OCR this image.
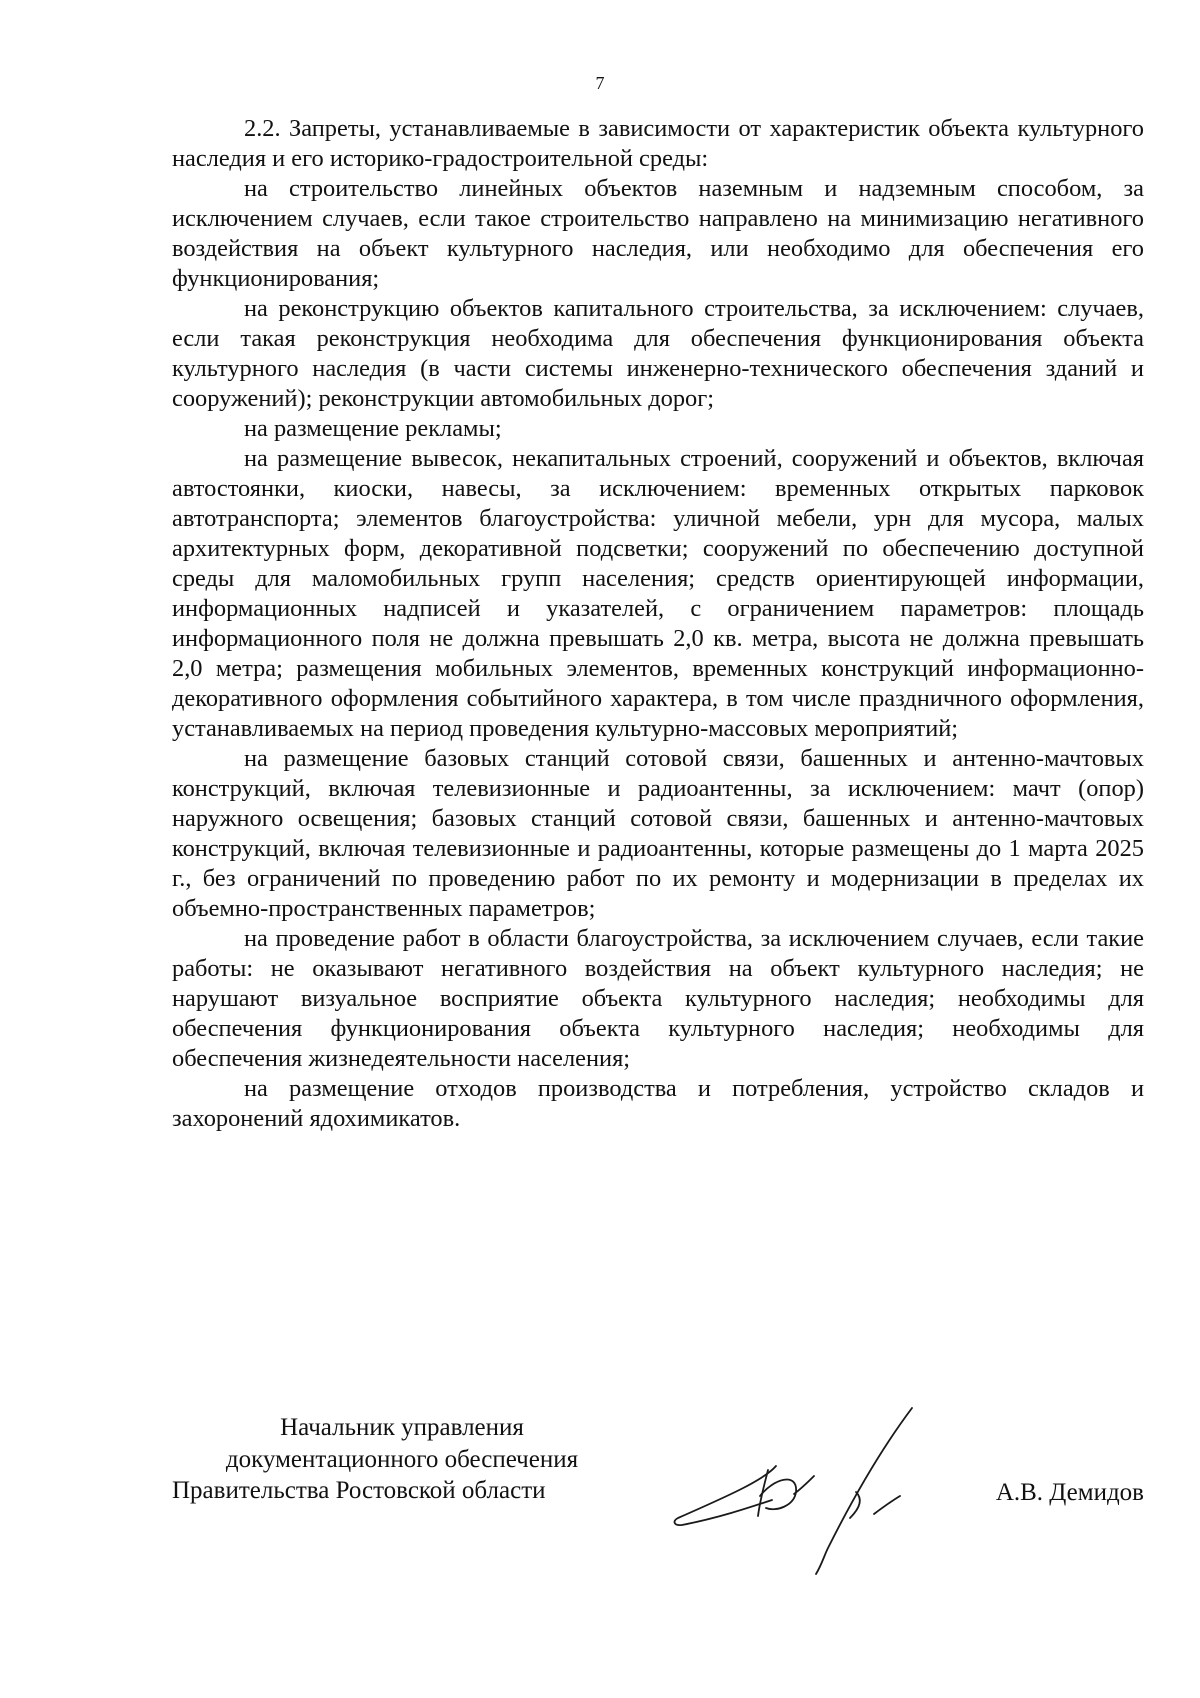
7

2.2. Запреты, устанавливаемые в зависимости от характеристик объекта культурного наследия и его историко-градостроительной среды:

на строительство линейных объектов наземным и надземным способом, за исключением случаев, если такое строительство направлено на минимизацию негативного воздействия на объект культурного наследия, или необходимо для обеспечения его функционирования;

на реконструкцию объектов капитального строительства, за исключением: случаев, если такая реконструкция необходима для обеспечения функционирования объекта культурного наследия (в части системы инженерно-технического обеспечения зданий и сооружений); реконструкции автомобильных дорог;

на размещение рекламы;

на размещение вывесок, некапитальных строений, сооружений и объектов, включая автостоянки, киоски, навесы, за исключением: временных открытых парковок автотранспорта; элементов благоустройства: уличной мебели, урн для мусора, малых архитектурных форм, декоративной подсветки; сооружений по обеспечению доступной среды для маломобильных групп населения; средств ориентирующей информации, информационных надписей и указателей, с ограничением параметров: площадь информационного поля не должна превышать 2,0 кв. метра, высота не должна превышать 2,0 метра; размещения мобильных элементов, временных конструкций информационно-декоративного оформления событийного характера, в том числе праздничного оформления, устанавливаемых на период проведения культурно-массовых мероприятий;

на размещение базовых станций сотовой связи, башенных и антенно-мачтовых конструкций, включая телевизионные и радиоантенны, за исключением: мачт (опор) наружного освещения; базовых станций сотовой связи, башенных и антенно-мачтовых конструкций, включая телевизионные и радиоантенны, которые размещены до 1 марта 2025 г., без ограничений по проведению работ по их ремонту и модернизации в пределах их объемно-пространственных параметров;

на проведение работ в области благоустройства, за исключением случаев, если такие работы: не оказывают негативного воздействия на объект культурного наследия; не нарушают визуальное восприятие объекта культурного наследия; необходимы для обеспечения функционирования объекта культурного наследия; необходимы для обеспечения жизнедеятельности населения;

на размещение отходов производства и потребления, устройство складов и захоронений ядохимикатов.

Начальник управления
документационного обеспечения
Правительства Ростовской области	А.В. Демидов
